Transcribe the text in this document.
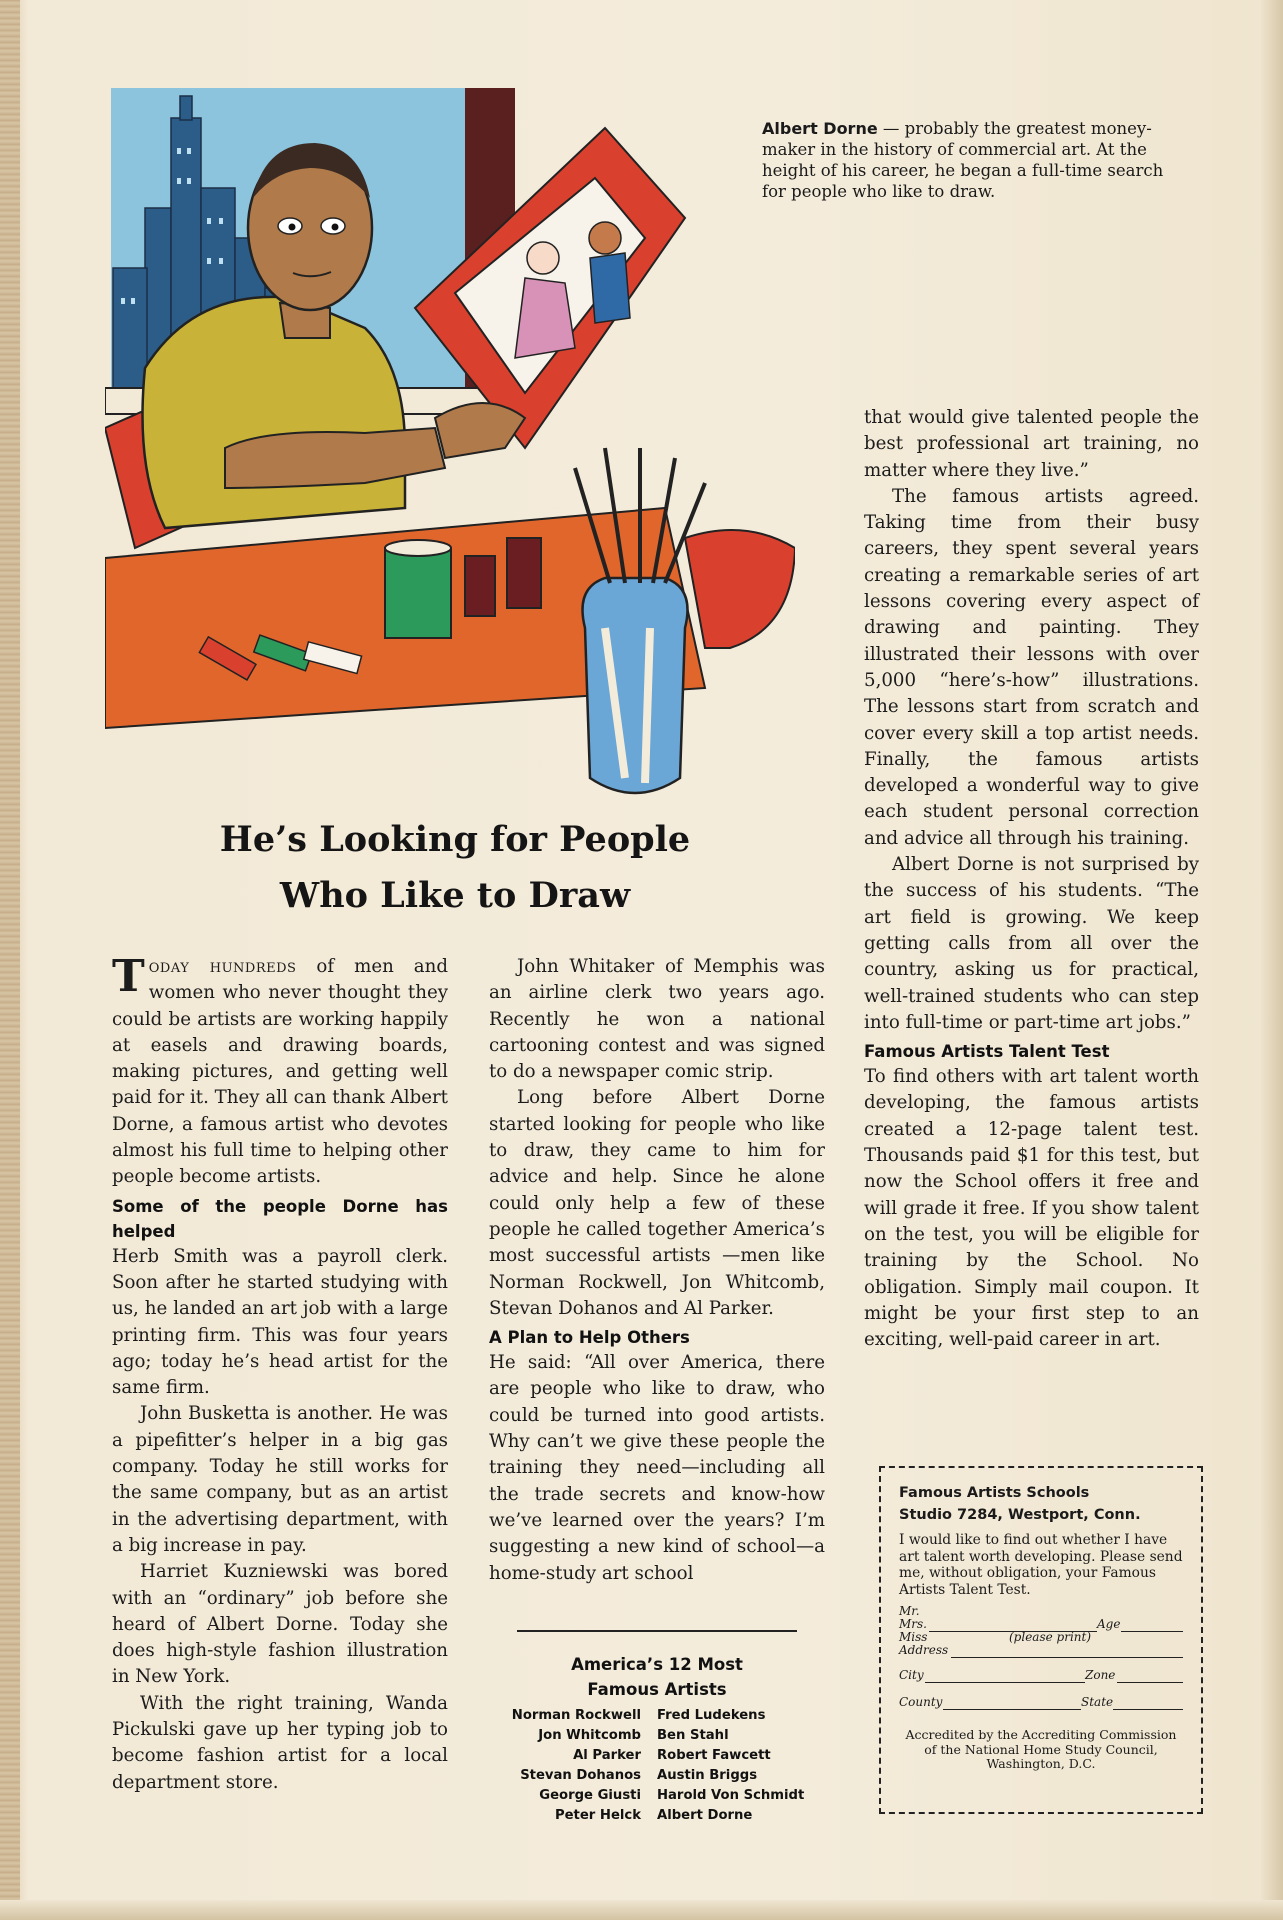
Albert Dorne — probably the greatest money-maker in the history of commercial art. At the height of his career, he began a full-time search for people who like to draw.
He’s Looking for People
Who Like to Draw

Today hundreds of men and women who never thought they could be artists are working happily at easels and drawing boards, making pictures, and getting well paid for it. They all can thank Albert Dorne, a famous artist who devotes almost his full time to helping other people become artists.

Some of the people Dorne has helped

Herb Smith was a payroll clerk. Soon after he started studying with us, he landed an art job with a large printing firm. This was four years ago; today he’s head artist for the same firm.

John Busketta is another. He was a pipefitter’s helper in a big gas company. Today he still works for the same company, but as an artist in the advertising department, with a big increase in pay.

Harriet Kuzniewski was bored with an “ordinary” job before she heard of Albert Dorne. Today she does high-style fashion illustration in New York.

With the right training, Wanda Pickulski gave up her typing job to become fashion artist for a local department store.

John Whitaker of Memphis was an airline clerk two years ago. Recently he won a national cartooning contest and was signed to do a newspaper comic strip.

Long before Albert Dorne started looking for people who like to draw, they came to him for advice and help. Since he alone could only help a few of these people he called together America’s most successful artists —men like Norman Rockwell, Jon Whitcomb, Stevan Dohanos and Al Parker.

A Plan to Help Others

He said: “All over America, there are people who like to draw, who could be turned into good artists. Why can’t we give these people the training they need—including all the trade secrets and know-how we’ve learned over the years? I’m suggesting a new kind of school—a home-study art school

America’s 12 Most
Famous Artists
Norman Rockwell	Fred Ludekens
Jon Whitcomb	Ben Stahl
Al Parker	Robert Fawcett
Stevan Dohanos	Austin Briggs
George Giusti	Harold Von Schmidt
Peter Helck	Albert Dorne

that would give talented people the best professional art training, no matter where they live.”

The famous artists agreed. Taking time from their busy careers, they spent several years creating a remarkable series of art lessons covering every aspect of drawing and painting. They illustrated their lessons with over 5,000 “here’s-how” illustrations. The lessons start from scratch and cover every skill a top artist needs. Finally, the famous artists developed a wonderful way to give each student personal correction and advice all through his training.

Albert Dorne is not surprised by the success of his students. “The art field is growing. We keep getting calls from all over the country, asking us for practical, well-trained students who can step into full-time or part-time art jobs.”

Famous Artists Talent Test

To find others with art talent worth developing, the famous artists created a 12-page talent test. Thousands paid $1 for this test, but now the School offers it free and will grade it free. If you show talent on the test, you will be eligible for training by the School. No obligation. Simply mail coupon. It might be your first step to an exciting, well-paid career in art.

Famous Artists Schools
Studio 7284, Westport, Conn.
I would like to find out whether I have art talent worth developing. Please send me, without obligation, your Famous Artists Talent Test.
Mr.
Mrs.	Age
Miss	(please print)
Address
City	Zone
County	State
Accredited by the Accrediting Commission of the National Home Study Council, Washington, D.C.
